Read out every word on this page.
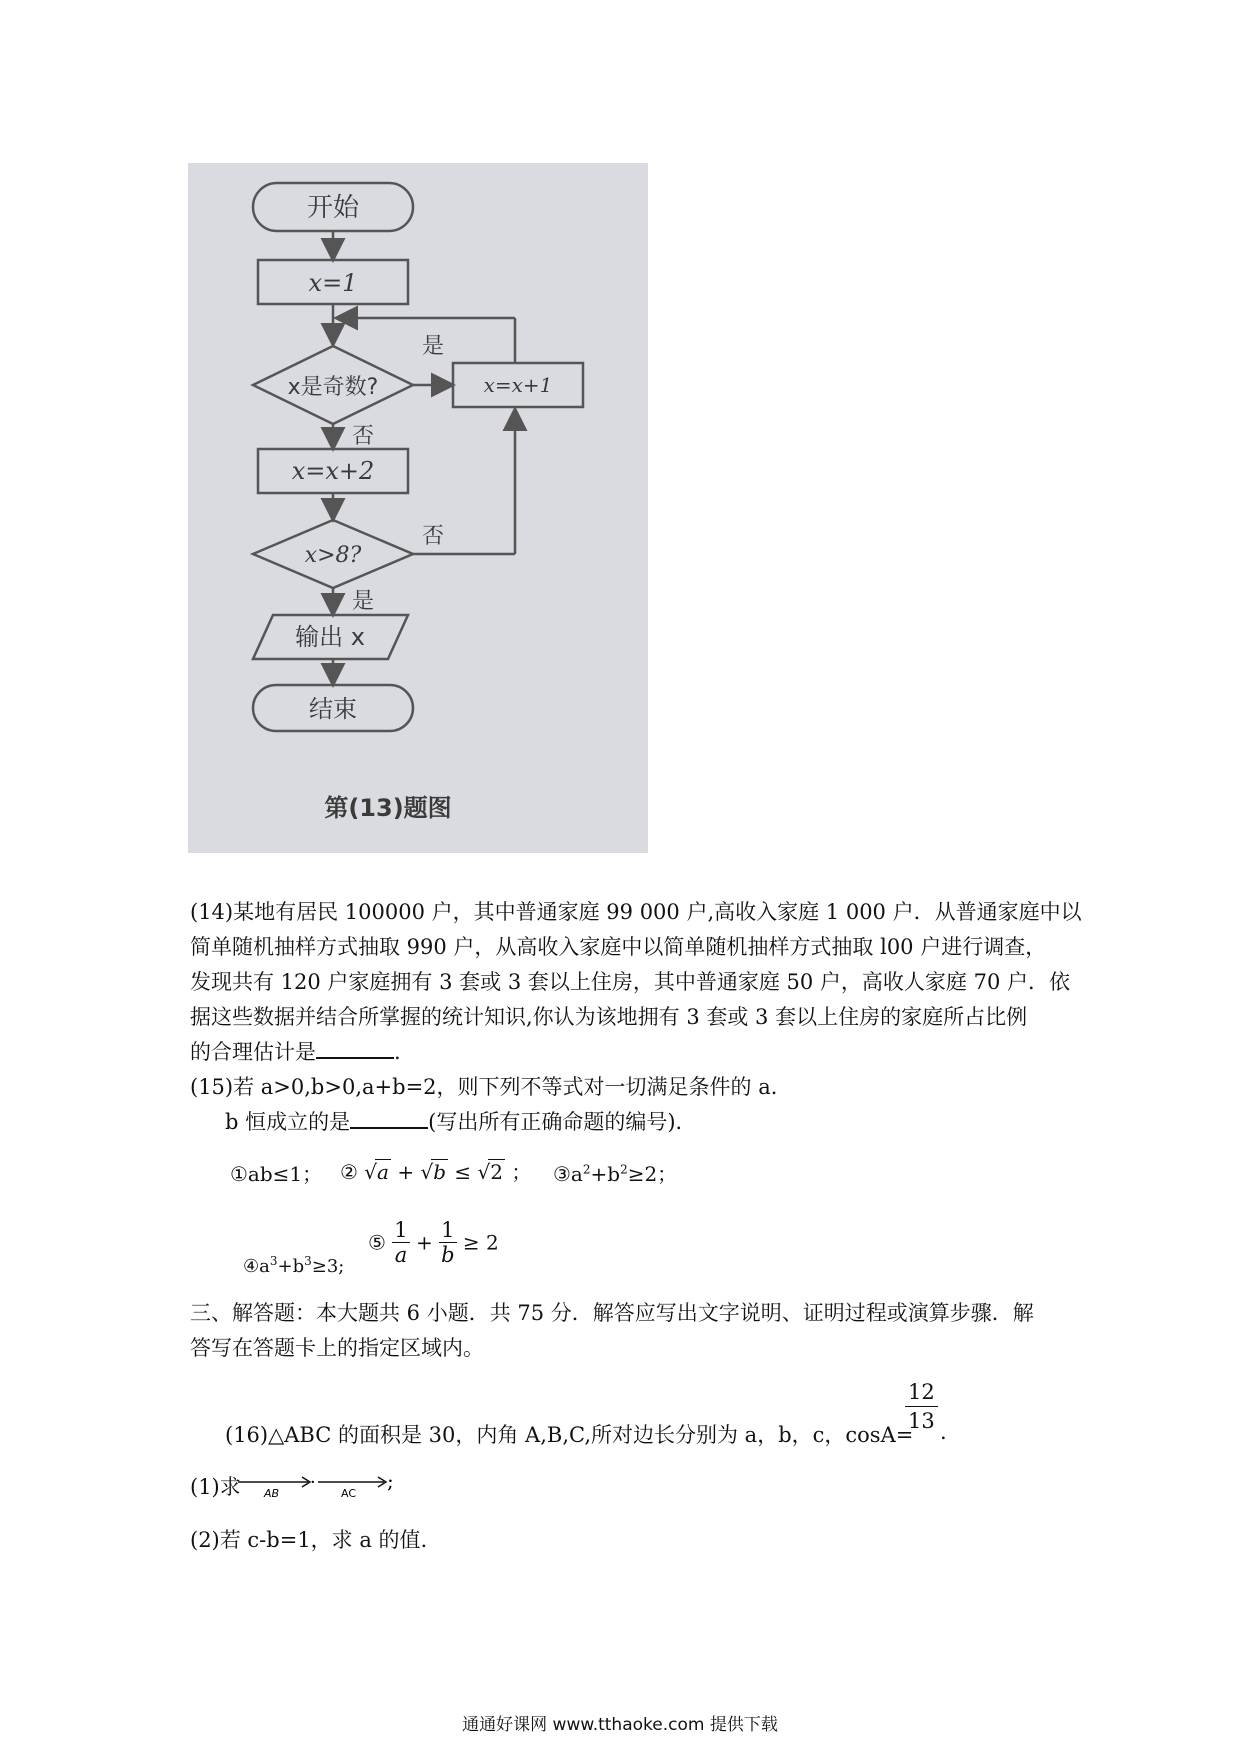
开始
x=1
x是奇数?
是
否
x=x+1
x=x+2
x>8?
否
是
输出 x
结束
第(13)题图
(14)某地有居民 100000 户，其中普通家庭 99 000 户,高收入家庭 1 000 户．从普通家庭中以
简单随机抽样方式抽取 990 户，从高收入家庭中以简单随机抽样方式抽取 l00 户进行调查，
发现共有 120 户家庭拥有 3 套或 3 套以上住房，其中普通家庭 50 户，高收人家庭 70 户．依
据这些数据并结合所掌握的统计知识,你认为该地拥有 3 套或 3 套以上住房的家庭所占比例
的合理估计是	.
(15)若 a>0,b>0,a+b=2，则下列不等式对一切满足条件的 a．
b 恒成立的是	(写出所有正确命题的编号)．
①ab≤1； ② √a + √b ≤ √2 ； $③a^2+b^2\ge 2$；
⑤ $\frac{1}{a} + \frac{1}{b} \ge 2$
$④a^3+b^3\ge 3$;
三、解答题：本大题共 6 小题．共 75 分．解答应写出文字说明、证明过程或演算步骤．解
答写在答题卡上的指定区域内。
(16)△ABC 的面积是 30，内角 A,B,C,所对边长分别为 a，b，c，cosA=
$\frac{12}{13}$ .
(1)求 AB
·
AC
;
(2)若 c-b=1，求 a 的值.
通通好课网 www.tthaoke.com 提供下载
